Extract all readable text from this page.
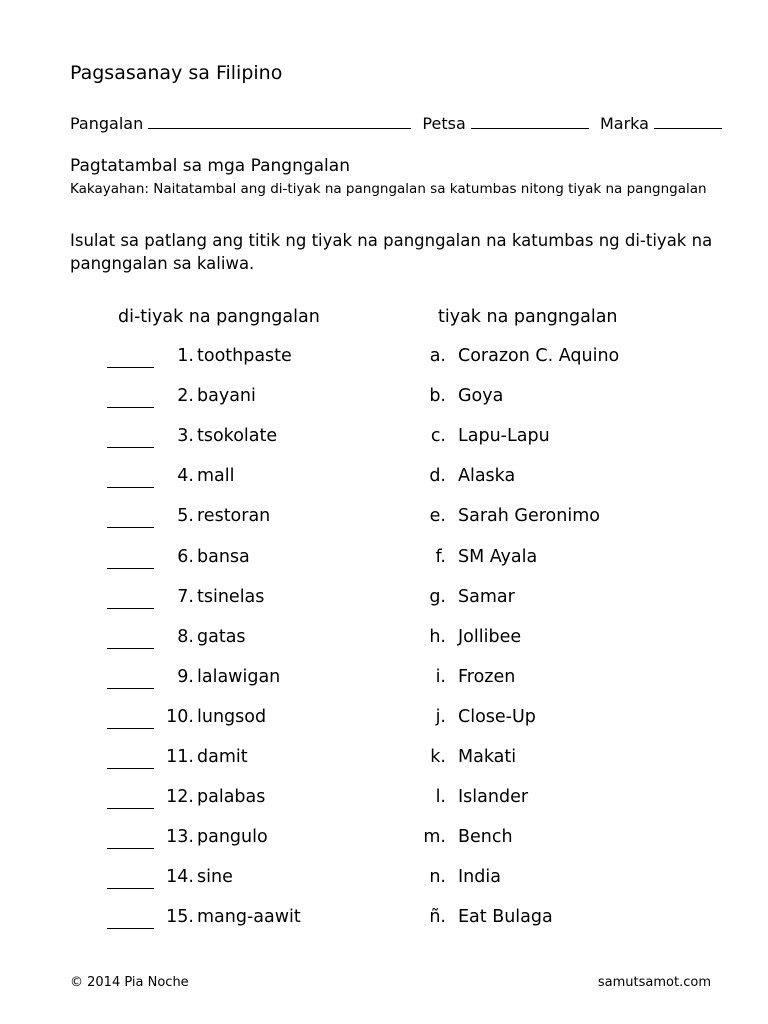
Pagsasanay sa Filipino
Pangalan	Petsa	Marka
Pagtatambal sa mga Pangngalan
Kakayahan: Naitatambal ang di-tiyak na pangngalan sa katumbas nitong tiyak na pangngalan
Isulat sa patlang ang titik ng tiyak na pangngalan na katumbas ng di-tiyak na pangngalan sa kaliwa.
di-tiyak na pangngalan	tiyak na pangngalan
1. toothpaste	a. Corazon C. Aquino
2. bayani	b. Goya
3. tsokolate	c. Lapu-Lapu
4. mall	d. Alaska
5. restoran	e. Sarah Geronimo
6. bansa	f. SM Ayala
7. tsinelas	g. Samar
8. gatas	h. Jollibee
9. lalawigan	i. Frozen
10. lungsod	j. Close-Up
11. damit	k. Makati
12. palabas	l. Islander
13. pangulo	m. Bench
14. sine	n. India
15. mang-aawit	ñ. Eat Bulaga
© 2014 Pia Noche	samutsamot.com
